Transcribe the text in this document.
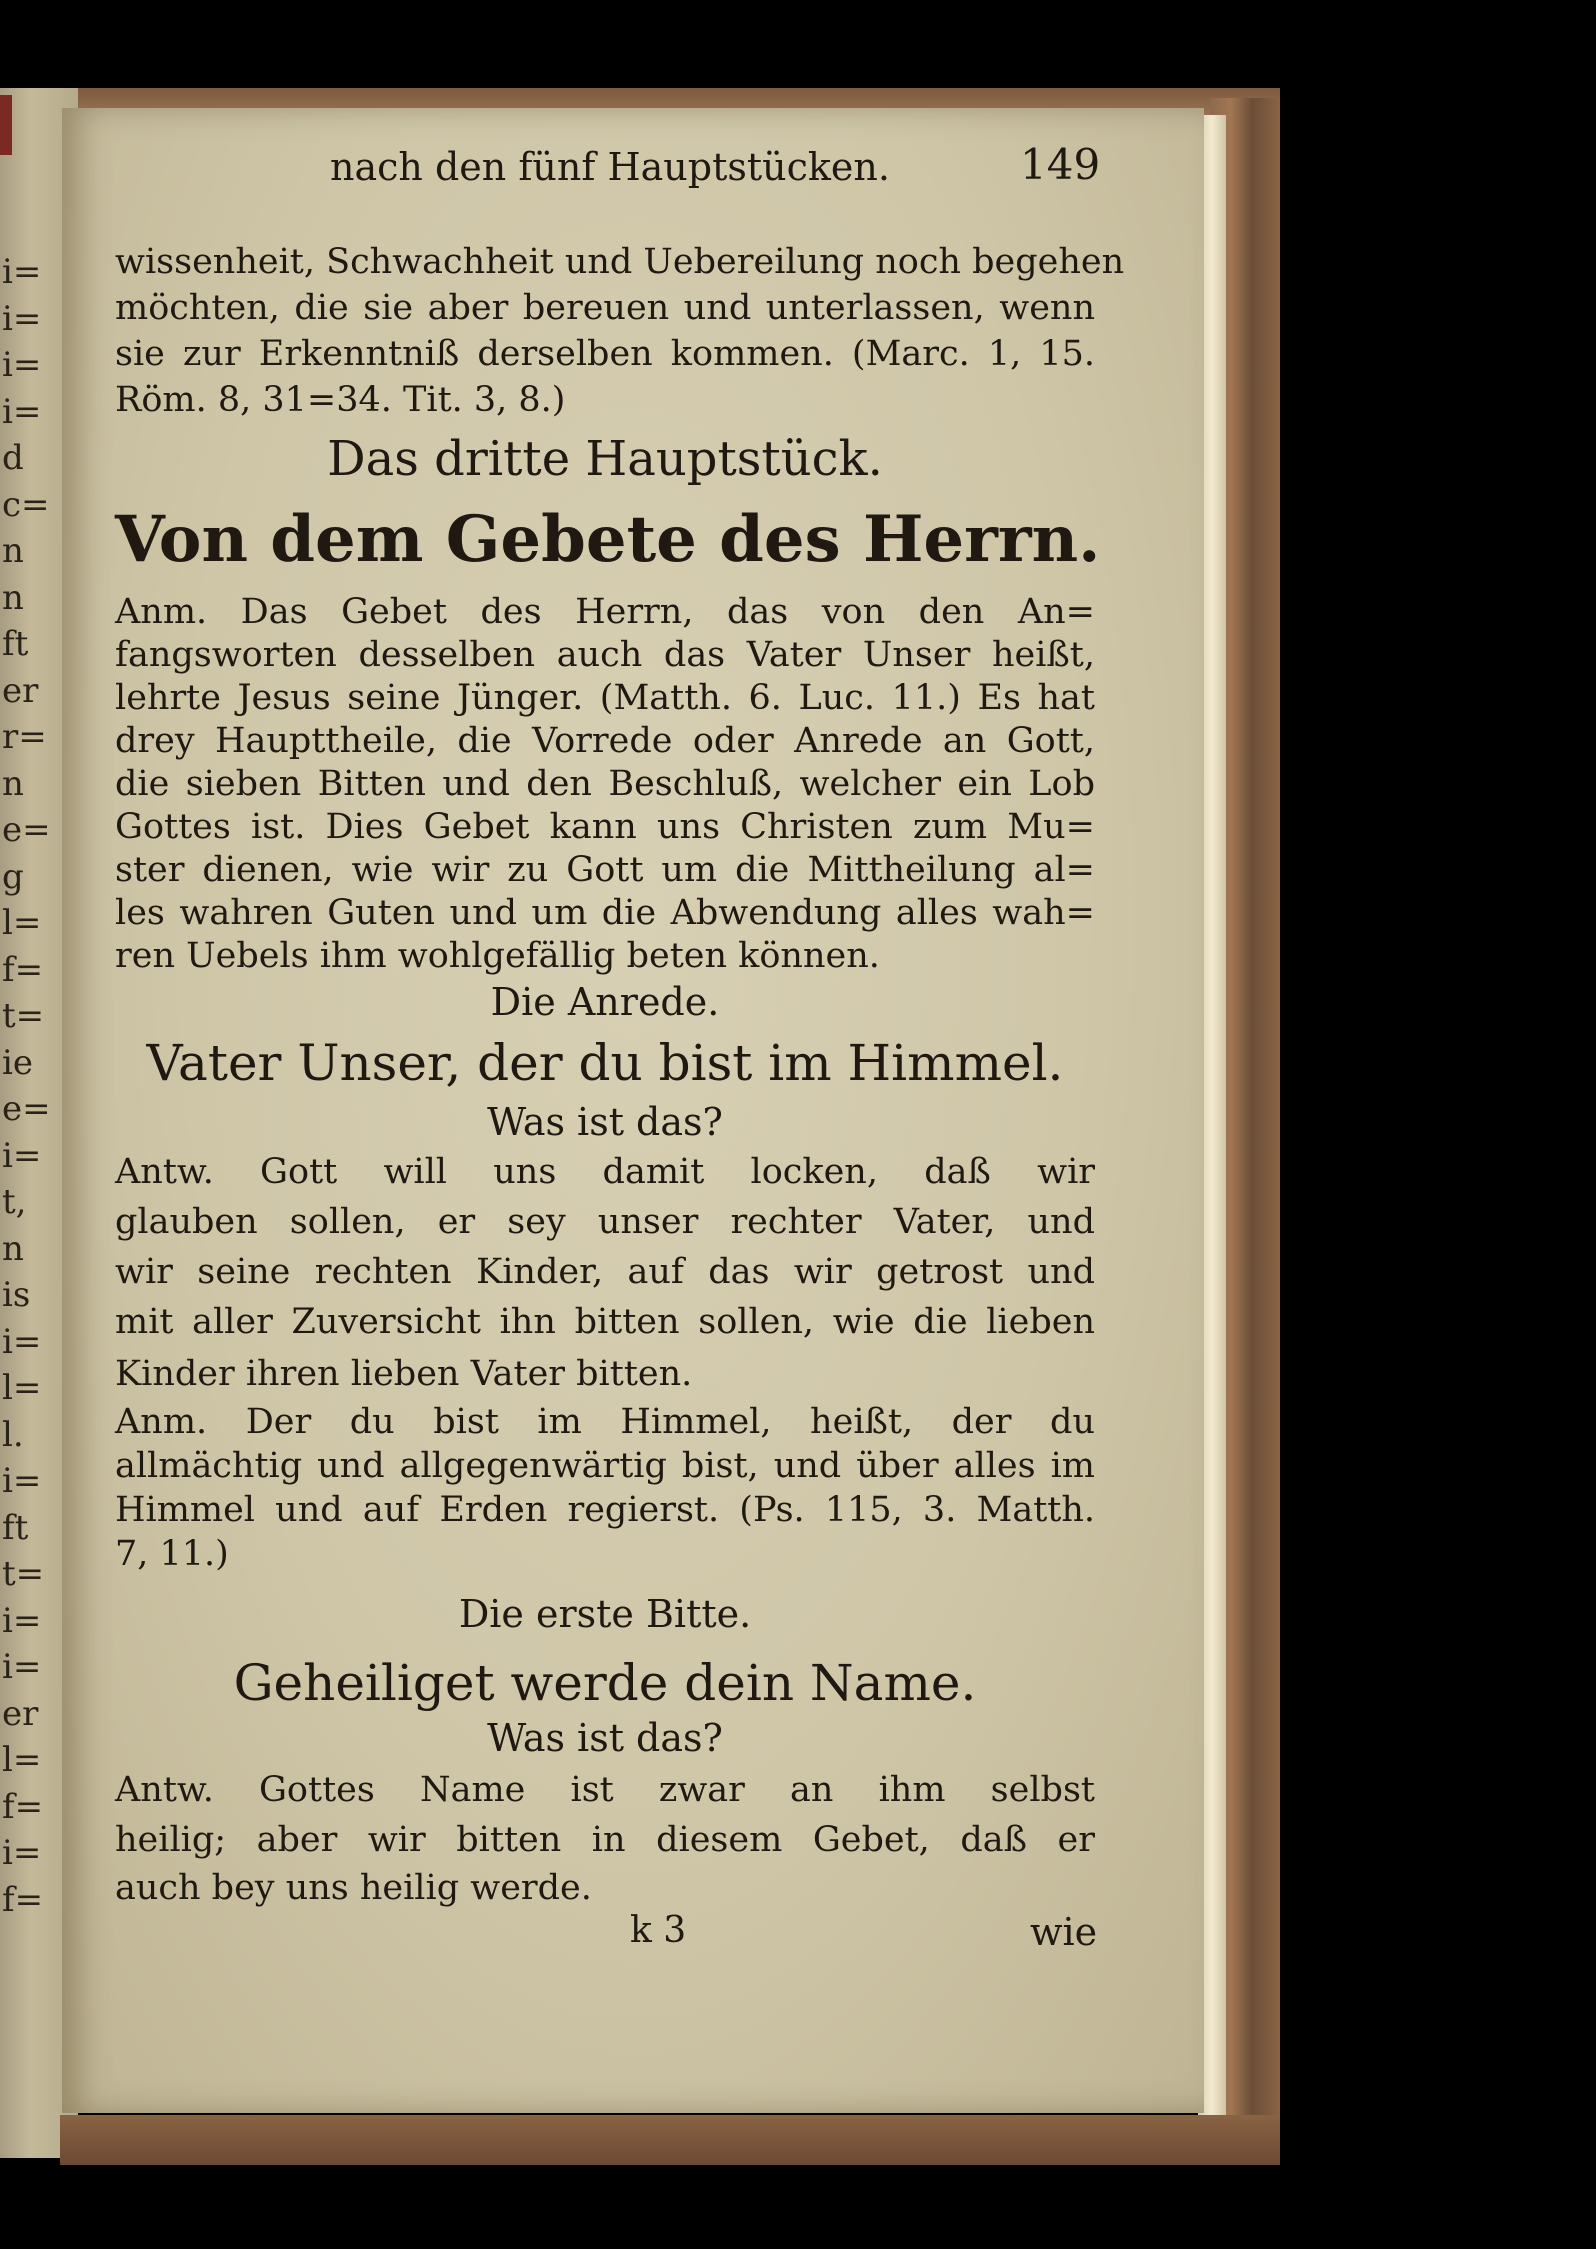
i=
i=
i=
i=
d
c=
n
n
ft
er
r=
n
e=
g
l=
f=
t=
ie
e=
i=
t,
n
is
i=
l=
l.
i=
ft
t=
i=
i=
er
l=
f=
i=
f=
nach den fünf Hauptstücken.	149
wissenheit, Schwachheit und Uebereilung noch begehen
möchten, die sie aber bereuen und unterlassen, wenn
sie zur Erkenntniß derselben kommen. (Marc. 1, 15.
Röm. 8, 31=34. Tit. 3, 8.)
Das dritte Hauptstück.
Von dem Gebete des Herrn.
Anm. Das Gebet des Herrn, das von den An=
fangsworten desselben auch das Vater Unser heißt,
lehrte Jesus seine Jünger. (Matth. 6. Luc. 11.) Es hat
drey Haupttheile, die Vorrede oder Anrede an Gott,
die sieben Bitten und den Beschluß, welcher ein Lob
Gottes ist. Dies Gebet kann uns Christen zum Mu=
ster dienen, wie wir zu Gott um die Mittheilung al=
les wahren Guten und um die Abwendung alles wah=
ren Uebels ihm wohlgefällig beten können.
Die Anrede.
Vater Unser, der du bist im Himmel.
Was ist das?
Antw. Gott will uns damit locken, daß wir
glauben sollen, er sey unser rechter Vater, und
wir seine rechten Kinder, auf das wir getrost und
mit aller Zuversicht ihn bitten sollen, wie die lieben
Kinder ihren lieben Vater bitten.
Anm. Der du bist im Himmel, heißt, der du
allmächtig und allgegenwärtig bist, und über alles im
Himmel und auf Erden regierst. (Ps. 115, 3. Matth.
7, 11.)
Die erste Bitte.
Geheiliget werde dein Name.
Was ist das?
Antw. Gottes Name ist zwar an ihm selbst
heilig; aber wir bitten in diesem Gebet, daß er
auch bey uns heilig werde.
k 3	wie
